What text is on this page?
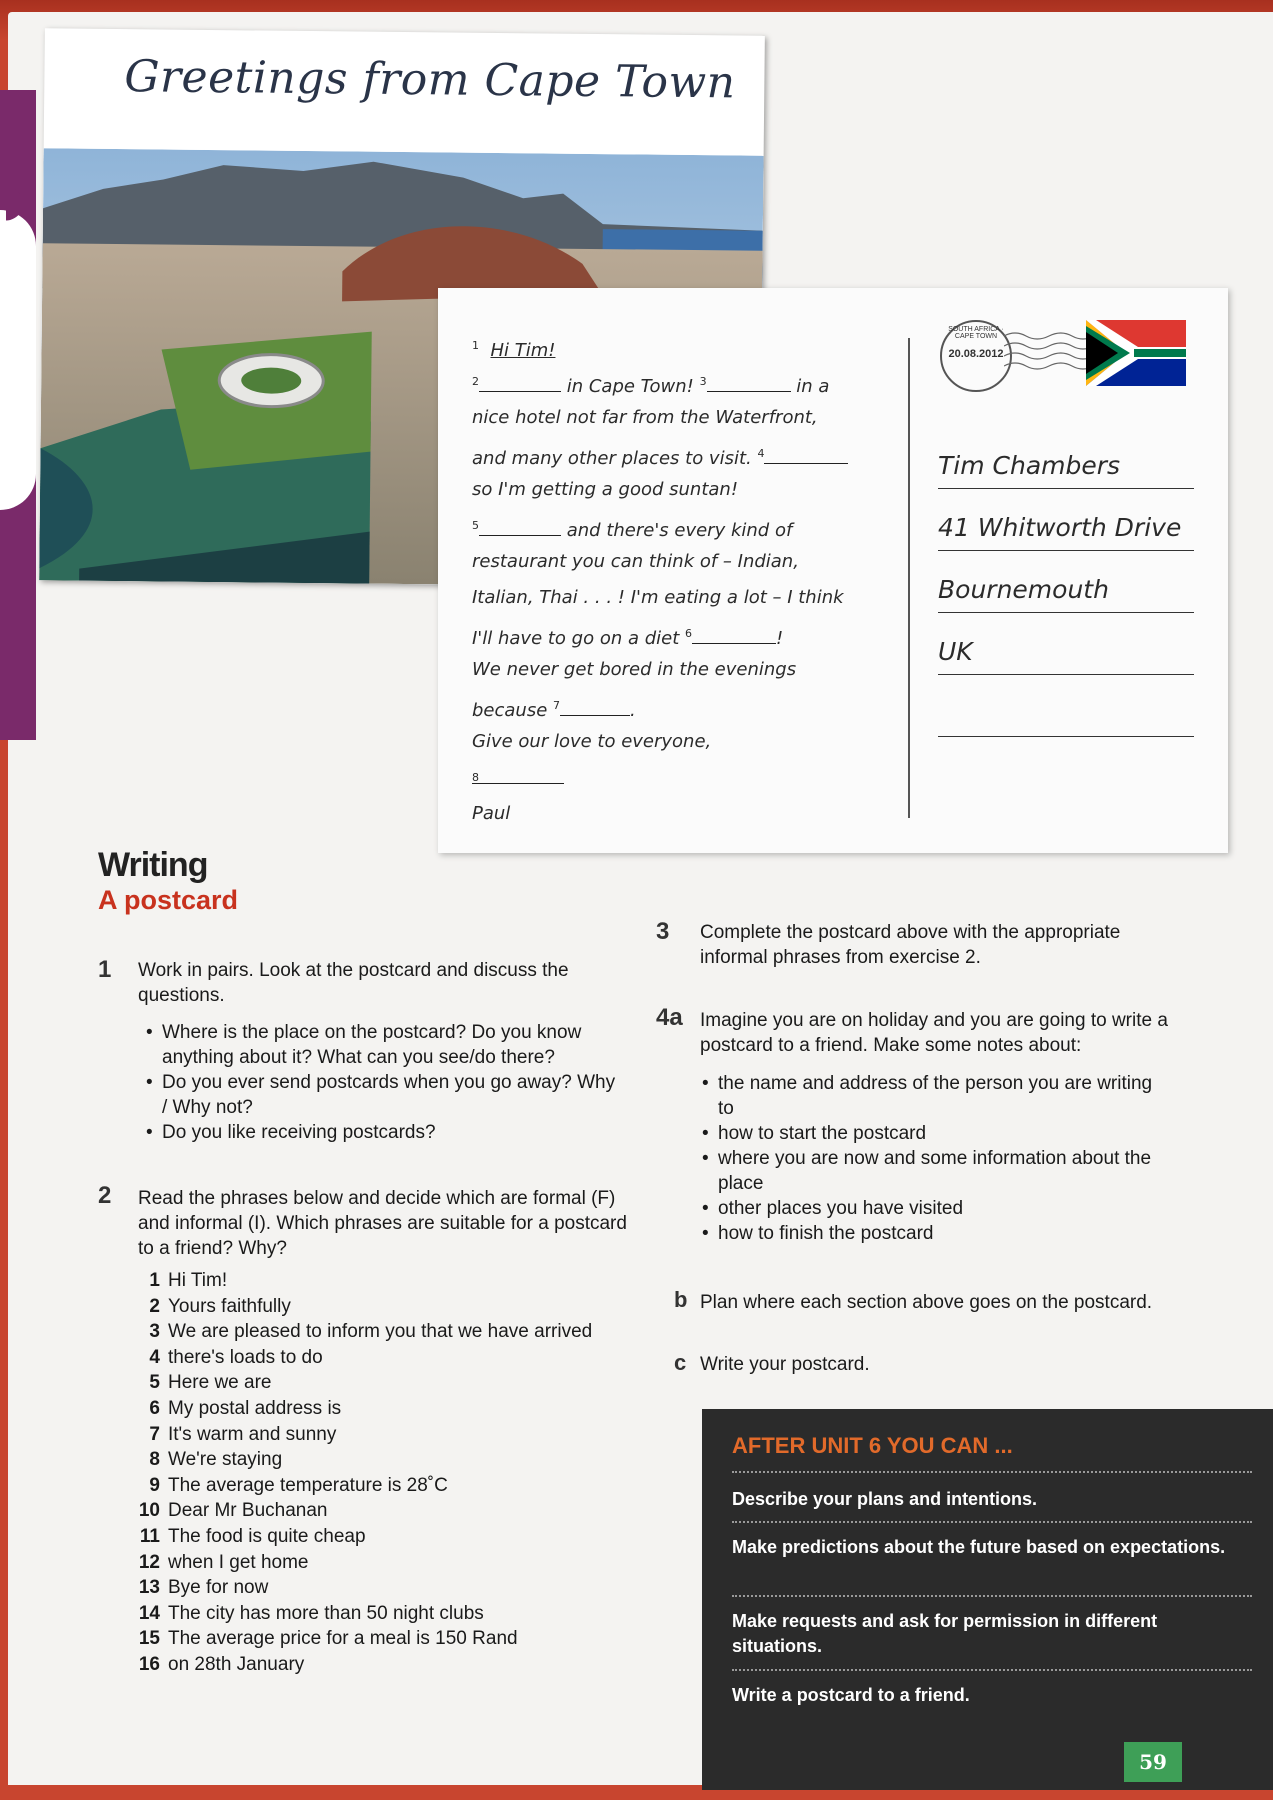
◗
Greetings from Cape Town
$^1$ Hi Tim!
$^2$	in Cape Town! $^3$	in a
nice hotel not far from the Waterfront,
and many other places to visit. $^4$
so I'm getting a good suntan!
$^5$	and there's every kind of
restaurant you can think of – Indian,
Italian, Thai . . . ! I'm eating a lot – I think
I'll have to go on a diet $^6$	!
We never get bored in the evenings
because $^7$	.
Give our love to everyone,
$^8$

Paul
SOUTH AFRICA · CAPE TOWN
20.08.2012
Tim Chambers
41 Whitworth Drive
Bournemouth
UK
Writing
A postcard
1 Work in pairs. Look at the postcard and discuss the questions.
• Where is the place on the postcard? Do you know anything about it? What can you see/do there?
• Do you ever send postcards when you go away? Why / Why not?
• Do you like receiving postcards?
2 Read the phrases below and decide which are formal (F) and informal (I). Which phrases are suitable for a postcard to a friend? Why?
1 Hi Tim!
2 Yours faithfully
3 We are pleased to inform you that we have arrived
4 there's loads to do
5 Here we are
6 My postal address is
7 It's warm and sunny
8 We're staying
9 The average temperature is 28˚C
10 Dear Mr Buchanan
11 The food is quite cheap
12 when I get home
13 Bye for now
14 The city has more than 50 night clubs
15 The average price for a meal is 150 Rand
16 on 28th January
3 Complete the postcard above with the appropriate informal phrases from exercise 2.
4a Imagine you are on holiday and you are going to write a postcard to a friend. Make some notes about:
• the name and address of the person you are writing to
• how to start the postcard
• where you are now and some information about the place
• other places you have visited
• how to finish the postcard
b Plan where each section above goes on the postcard.
c Write your postcard.
AFTER UNIT 6 YOU CAN ...
Describe your plans and intentions.
Make predictions about the future based on expectations.
Make requests and ask for permission in different situations.
Write a postcard to a friend.
59
